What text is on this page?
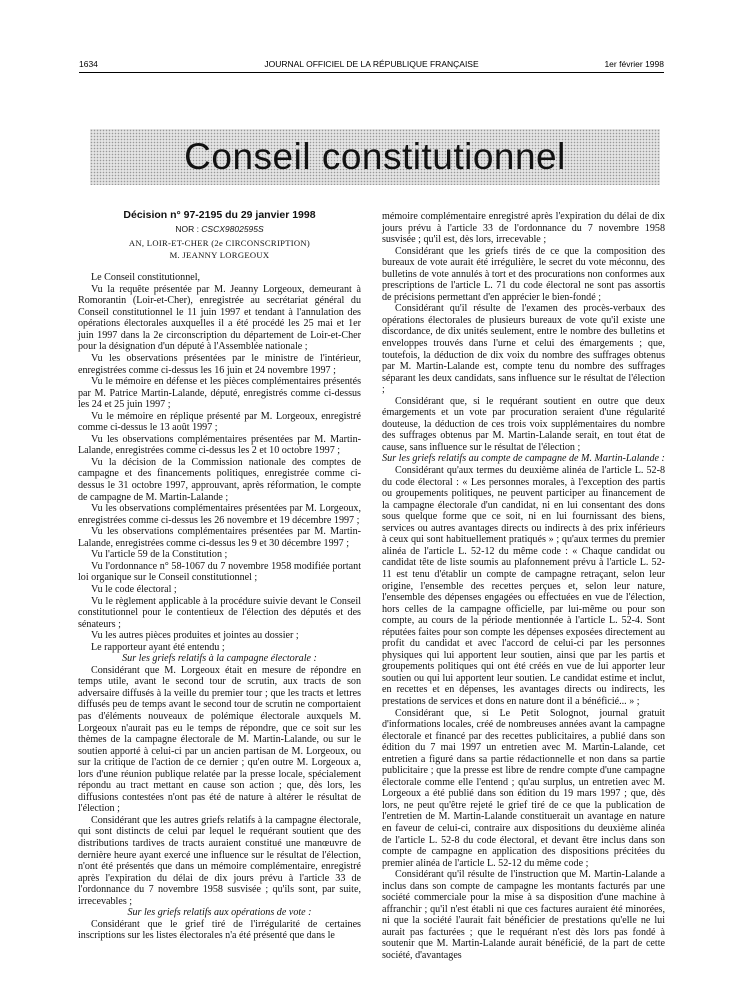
1634	JOURNAL OFFICIEL DE LA RÉPUBLIQUE FRANÇAISE	1er février 1998
Conseil constitutionnel
Décision n° 97-2195 du 29 janvier 1998
NOR : CSCX9802595S
AN, LOIR-ET-CHER (2e CIRCONSCRIPTION)
M. JEANNY LORGEOUX

Le Conseil constitutionnel,

Vu la requête présentée par M. Jeanny Lorgeoux, demeurant à Romorantin (Loir-et-Cher), enregistrée au secrétariat général du Conseil constitutionnel le 11 juin 1997 et tendant à l'annulation des opérations électorales auxquelles il a été procédé les 25 mai et 1er juin 1997 dans la 2e circonscription du département de Loir-et-Cher pour la désignation d'un député à l'Assemblée nationale ;

Vu les observations présentées par le ministre de l'intérieur, enregistrées comme ci-dessus les 16 juin et 24 novembre 1997 ;

Vu le mémoire en défense et les pièces complémentaires présentés par M. Patrice Martin-Lalande, député, enregistrés comme ci-dessus les 24 et 25 juin 1997 ;

Vu le mémoire en réplique présenté par M. Lorgeoux, enregistré comme ci-dessus le 13 août 1997 ;

Vu les observations complémentaires présentées par M. Martin-Lalande, enregistrées comme ci-dessus les 2 et 10 octobre 1997 ;

Vu la décision de la Commission nationale des comptes de campagne et des financements politiques, enregistrée comme ci-dessus le 31 octobre 1997, approuvant, après réformation, le compte de campagne de M. Martin-Lalande ;

Vu les observations complémentaires présentées par M. Lorgeoux, enregistrées comme ci-dessus les 26 novembre et 19 décembre 1997 ;

Vu les observations complémentaires présentées par M. Martin-Lalande, enregistrées comme ci-dessus les 9 et 30 décembre 1997 ;

Vu l'article 59 de la Constitution ;

Vu l'ordonnance n° 58-1067 du 7 novembre 1958 modifiée portant loi organique sur le Conseil constitutionnel ;

Vu le code électoral ;

Vu le règlement applicable à la procédure suivie devant le Conseil constitutionnel pour le contentieux de l'élection des députés et des sénateurs ;

Vu les autres pièces produites et jointes au dossier ;

Le rapporteur ayant été entendu ;

Sur les griefs relatifs à la campagne électorale :

Considérant que M. Lorgeoux était en mesure de répondre en temps utile, avant le second tour de scrutin, aux tracts de son adversaire diffusés à la veille du premier tour ; que les tracts et lettres diffusés peu de temps avant le second tour de scrutin ne comportaient pas d'éléments nouveaux de polémique électorale auxquels M. Lorgeoux n'aurait pas eu le temps de répondre, que ce soit sur les thèmes de la campagne électorale de M. Martin-Lalande, ou sur le soutien apporté à celui-ci par un ancien partisan de M. Lorgeoux, ou sur la critique de l'action de ce dernier ; qu'en outre M. Lorgeoux a, lors d'une réunion publique relatée par la presse locale, spécialement répondu au tract mettant en cause son action ; que, dès lors, les diffusions contestées n'ont pas été de nature à altérer le résultat de l'élection ;

Considérant que les autres griefs relatifs à la campagne électorale, qui sont distincts de celui par lequel le requérant soutient que des distributions tardives de tracts auraient constitué une manœuvre de dernière heure ayant exercé une influence sur le résultat de l'élection, n'ont été présentés que dans un mémoire complémentaire, enregistré après l'expiration du délai de dix jours prévu à l'article 33 de l'ordonnance du 7 novembre 1958 susvisée ; qu'ils sont, par suite, irrecevables ;

Sur les griefs relatifs aux opérations de vote :

Considérant que le grief tiré de l'irrégularité de certaines inscriptions sur les listes électorales n'a été présenté que dans le

mémoire complémentaire enregistré après l'expiration du délai de dix jours prévu à l'article 33 de l'ordonnance du 7 novembre 1958 susvisée ; qu'il est, dès lors, irrecevable ;

Considérant que les griefs tirés de ce que la composition des bureaux de vote aurait été irrégulière, le secret du vote méconnu, des bulletins de vote annulés à tort et des procurations non conformes aux prescriptions de l'article L. 71 du code électoral ne sont pas assortis de précisions permettant d'en apprécier le bien-fondé ;

Considérant qu'il résulte de l'examen des procès-verbaux des opérations électorales de plusieurs bureaux de vote qu'il existe une discordance, de dix unités seulement, entre le nombre des bulletins et enveloppes trouvés dans l'urne et celui des émargements ; que, toutefois, la déduction de dix voix du nombre des suffrages obtenus par M. Martin-Lalande est, compte tenu du nombre des suffrages séparant les deux candidats, sans influence sur le résultat de l'élection ;

Considérant que, si le requérant soutient en outre que deux émargements et un vote par procuration seraient d'une régularité douteuse, la déduction de ces trois voix supplémentaires du nombre des suffrages obtenus par M. Martin-Lalande serait, en tout état de cause, sans influence sur le résultat de l'élection ;

Sur les griefs relatifs au compte de campagne de M. Martin-Lalande :

Considérant qu'aux termes du deuxième alinéa de l'article L. 52-8 du code électoral : « Les personnes morales, à l'exception des partis ou groupements politiques, ne peuvent participer au financement de la campagne électorale d'un candidat, ni en lui consentant des dons sous quelque forme que ce soit, ni en lui fournissant des biens, services ou autres avantages directs ou indirects à des prix inférieurs à ceux qui sont habituellement pratiqués » ; qu'aux termes du premier alinéa de l'article L. 52-12 du même code : « Chaque candidat ou candidat tête de liste soumis au plafonnement prévu à l'article L. 52-11 est tenu d'établir un compte de campagne retraçant, selon leur origine, l'ensemble des recettes perçues et, selon leur nature, l'ensemble des dépenses engagées ou effectuées en vue de l'élection, hors celles de la campagne officielle, par lui-même ou pour son compte, au cours de la période mentionnée à l'article L. 52-4. Sont réputées faites pour son compte les dépenses exposées directement au profit du candidat et avec l'accord de celui-ci par les personnes physiques qui lui apportent leur soutien, ainsi que par les partis et groupements politiques qui ont été créés en vue de lui apporter leur soutien ou qui lui apportent leur soutien. Le candidat estime et inclut, en recettes et en dépenses, les avantages directs ou indirects, les prestations de services et dons en nature dont il a bénéficié... » ;

Considérant que, si Le Petit Solognot, journal gratuit d'informations locales, créé de nombreuses années avant la campagne électorale et financé par des recettes publicitaires, a publié dans son édition du 7 mai 1997 un entretien avec M. Martin-Lalande, cet entretien a figuré dans sa partie rédactionnelle et non dans sa partie publicitaire ; que la presse est libre de rendre compte d'une campagne électorale comme elle l'entend ; qu'au surplus, un entretien avec M. Lorgeoux a été publié dans son édition du 19 mars 1997 ; que, dès lors, ne peut qu'être rejeté le grief tiré de ce que la publication de l'entretien de M. Martin-Lalande constituerait un avantage en nature en faveur de celui-ci, contraire aux dispositions du deuxième alinéa de l'article L. 52-8 du code électoral, et devant être inclus dans son compte de campagne en application des dispositions précitées du premier alinéa de l'article L. 52-12 du même code ;

Considérant qu'il résulte de l'instruction que M. Martin-Lalande a inclus dans son compte de campagne les montants facturés par une société commerciale pour la mise à sa disposition d'une machine à affranchir ; qu'il n'est établi ni que ces factures auraient été minorées, ni que la société l'aurait fait bénéficier de prestations qu'elle ne lui aurait pas facturées ; que le requérant n'est dès lors pas fondé à soutenir que M. Martin-Lalande aurait bénéficié, de la part de cette société, d'avantages
